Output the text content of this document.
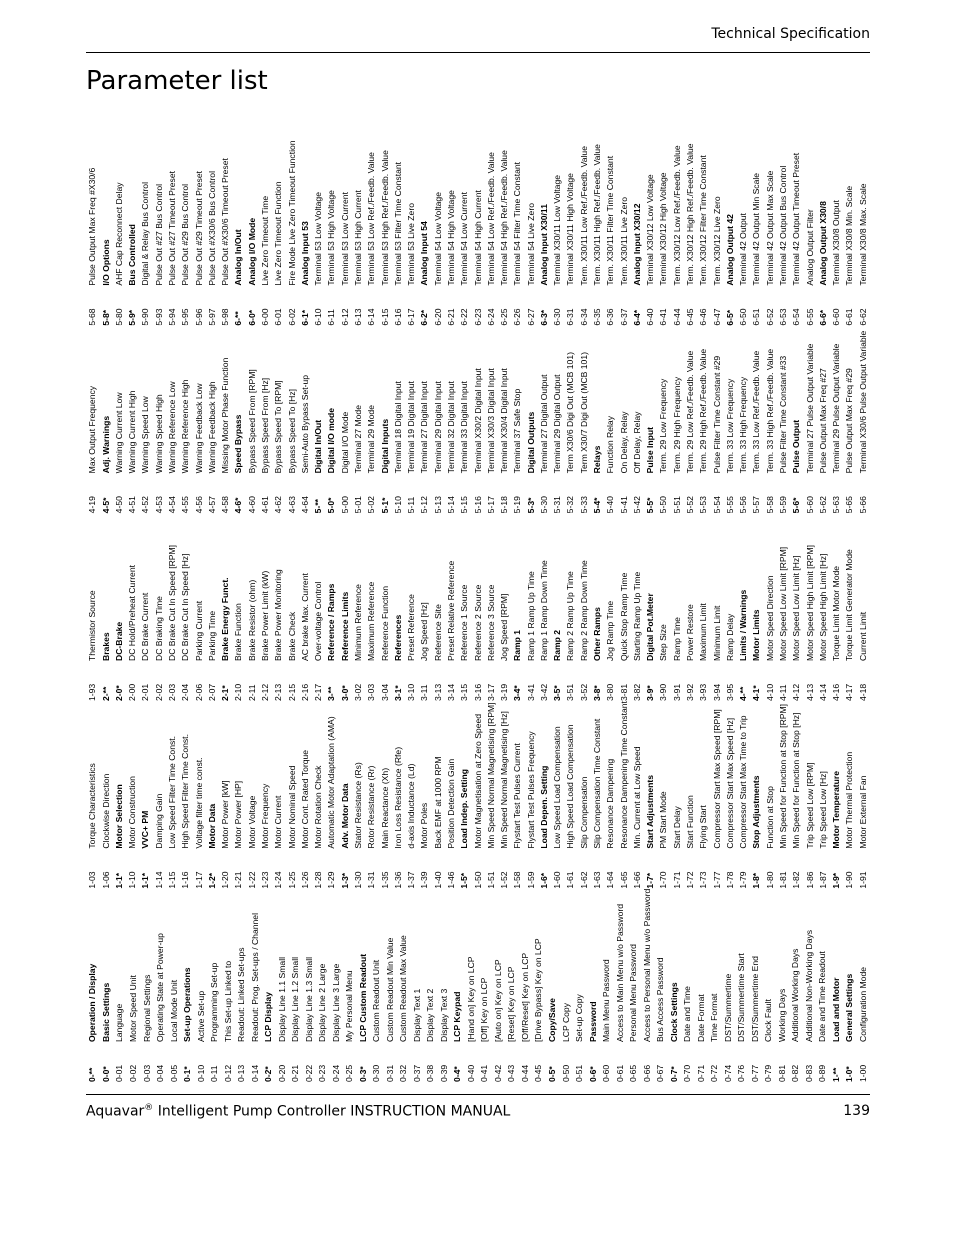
Technical Specification
Parameter list
0-**
Operation / Display
0-0*
Basic Settings
0-01
Language
0-02
Motor Speed Unit
0-03
Regional Settings
0-04
Operating State at Power-up
0-05
Local Mode Unit
0-1*
Set-up Operations
0-10
Active Set-up
0-11
Programming Set-up
0-12
This Set-up Linked to
0-13
Readout: Linked Set-ups
0-14
Readout: Prog. Set-ups / Channel
0-2*
LCP Display
0-20
Display Line 1.1 Small
0-21
Display Line 1.2 Small
0-22
Display Line 1.3 Small
0-23
Display Line 2 Large
0-24
Display Line 3 Large
0-25
My Personal Menu
0-3*
LCP Custom Readout
0-30
Custom Readout Unit
0-31
Custom Readout Min Value
0-32
Custom Readout Max Value
0-37
Display Text 1
0-38
Display Text 2
0-39
Display Text 3
0-4*
LCP Keypad
0-40
[Hand on] Key on LCP
0-41
[Off] Key on LCP
0-42
[Auto on] Key on LCP
0-43
[Reset] Key on LCP
0-44
[Off/Reset] Key on LCP
0-45
[Drive Bypass] Key on LCP
0-5*
Copy/Save
0-50
LCP Copy
0-51
Set-up Copy
0-6*
Password
0-60
Main Menu Password
0-61
Access to Main Menu w/o Password
0-65
Personal Menu Password
0-66
Access to Personal Menu w/o Password
0-67
Bus Access Password
0-7*
Clock Settings
0-70
Date and Time
0-71
Date Format
0-72
Time Format
0-74
DST/Summertime
0-76
DST/Summertime Start
0-77
DST/Summertime End
0-79
Clock Fault
0-81
Working Days
0-82
Additional Working Days
0-83
Additional Non-Working Days
0-89
Date and Time Readout
1-**
Load and Motor
1-0*
General Settings
1-00
Configuration Mode
1-03
Torque Characteristics
1-06
Clockwise Direction
1-1*
Motor Selection
1-10
Motor Construction
1-1*
VVC+ PM
1-14
Damping Gain
1-15
Low Speed Filter Time Const.
1-16
High Speed Filter Time Const.
1-17
Voltage filter time const.
1-2*
Motor Data
1-20
Motor Power [kW]
1-21
Motor Power [HP]
1-22
Motor Voltage
1-23
Motor Frequency
1-24
Motor Current
1-25
Motor Nominal Speed
1-26
Motor Cont. Rated Torque
1-28
Motor Rotation Check
1-29
Automatic Motor Adaptation (AMA)
1-3*
Adv. Motor Data
1-30
Stator Resistance (Rs)
1-31
Rotor Resistance (Rr)
1-35
Main Reactance (Xh)
1-36
Iron Loss Resistance (Rfe)
1-37
d-axis Inductance (Ld)
1-39
Motor Poles
1-40
Back EMF at 1000 RPM
1-46
Position Detection Gain
1-5*
Load Indep. Setting
1-50
Motor Magnetisation at Zero Speed
1-51
Min Speed Normal Magnetising [RPM]
1-52
Min Speed Normal Magnetising [Hz]
1-58
Flystart Test Pulses Current
1-59
Flystart Test Pulses Frequency
1-6*
Load Depen. Setting
1-60
Low Speed Load Compensation
1-61
High Speed Load Compensation
1-62
Slip Compensation
1-63
Slip Compensation Time Constant
1-64
Resonance Dampening
1-65
Resonance Dampening Time Constant
1-66
Min. Current at Low Speed
1-7*
Start Adjustments
1-70
PM Start Mode
1-71
Start Delay
1-72
Start Function
1-73
Flying Start
1-77
Compressor Start Max Speed [RPM]
1-78
Compressor Start Max Speed [Hz]
1-79
Compressor Start Max Time to Trip
1-8*
Stop Adjustments
1-80
Function at Stop
1-81
Min Speed for Function at Stop [RPM]
1-82
Min Speed for Function at Stop [Hz]
1-86
Trip Speed Low [RPM]
1-87
Trip Speed Low [Hz]
1-9*
Motor Temperature
1-90
Motor Thermal Protection
1-91
Motor External Fan
1-93
Thermistor Source
2-**
Brakes
2-0*
DC-Brake
2-00
DC Hold/Preheat Current
2-01
DC Brake Current
2-02
DC Braking Time
2-03
DC Brake Cut In Speed [RPM]
2-04
DC Brake Cut In Speed [Hz]
2-06
Parking Current
2-07
Parking Time
2-1*
Brake Energy Funct.
2-10
Brake Function
2-11
Brake Resistor (ohm)
2-12
Brake Power Limit (kW)
2-13
Brake Power Monitoring
2-15
Brake Check
2-16
AC brake Max. Current
2-17
Over-voltage Control
3-**
Reference / Ramps
3-0*
Reference Limits
3-02
Minimum Reference
3-03
Maximum Reference
3-04
Reference Function
3-1*
References
3-10
Preset Reference
3-11
Jog Speed [Hz]
3-13
Reference Site
3-14
Preset Relative Reference
3-15
Reference 1 Source
3-16
Reference 2 Source
3-17
Reference 3 Source
3-19
Jog Speed [RPM]
3-4*
Ramp 1
3-41
Ramp 1 Ramp Up Time
3-42
Ramp 1 Ramp Down Time
3-5*
Ramp 2
3-51
Ramp 2 Ramp Up Time
3-52
Ramp 2 Ramp Down Time
3-8*
Other Ramps
3-80
Jog Ramp Time
3-81
Quick Stop Ramp Time
3-82
Starting Ramp Up Time
3-9*
Digital Pot.Meter
3-90
Step Size
3-91
Ramp Time
3-92
Power Restore
3-93
Maximum Limit
3-94
Minimum Limit
3-95
Ramp Delay
4-**
Limits / Warnings
4-1*
Motor Limits
4-10
Motor Speed Direction
4-11
Motor Speed Low Limit [RPM]
4-12
Motor Speed Low Limit [Hz]
4-13
Motor Speed High Limit [RPM]
4-14
Motor Speed High Limit [Hz]
4-16
Torque Limit Motor Mode
4-17
Torque Limit Generator Mode
4-18
Current Limit
4-19
Max Output Frequency
4-5*
Adj. Warnings
4-50
Warning Current Low
4-51
Warning Current High
4-52
Warning Speed Low
4-53
Warning Speed High
4-54
Warning Reference Low
4-55
Warning Reference High
4-56
Warning Feedback Low
4-57
Warning Feedback High
4-58
Missing Motor Phase Function
4-6*
Speed Bypass
4-60
Bypass Speed From [RPM]
4-61
Bypass Speed From [Hz]
4-62
Bypass Speed To [RPM]
4-63
Bypass Speed To [Hz]
4-64
Semi-Auto Bypass Set-up
5-**
Digital In/Out
5-0*
Digital I/O mode
5-00
Digital I/O Mode
5-01
Terminal 27 Mode
5-02
Terminal 29 Mode
5-1*
Digital Inputs
5-10
Terminal 18 Digital Input
5-11
Terminal 19 Digital Input
5-12
Terminal 27 Digital Input
5-13
Terminal 29 Digital Input
5-14
Terminal 32 Digital Input
5-15
Terminal 33 Digital Input
5-16
Terminal X30/2 Digital Input
5-17
Terminal X30/3 Digital Input
5-18
Terminal X30/4 Digital Input
5-19
Terminal 37 Safe Stop
5-3*
Digital Outputs
5-30
Terminal 27 Digital Output
5-31
Terminal 29 Digital Output
5-32
Term X30/6 Digi Out (MCB 101)
5-33
Term X30/7 Digi Out (MCB 101)
5-4*
Relays
5-40
Function Relay
5-41
On Delay, Relay
5-42
Off Delay, Relay
5-5*
Pulse Input
5-50
Term. 29 Low Frequency
5-51
Term. 29 High Frequency
5-52
Term. 29 Low Ref./Feedb. Value
5-53
Term. 29 High Ref./Feedb. Value
5-54
Pulse Filter Time Constant #29
5-55
Term. 33 Low Frequency
5-56
Term. 33 High Frequency
5-57
Term. 33 Low Ref./Feedb. Value
5-58
Term. 33 High Ref./Feedb. Value
5-59
Pulse Filter Time Constant #33
5-6*
Pulse Output
5-60
Terminal 27 Pulse Output Variable
5-62
Pulse Output Max Freq #27
5-63
Terminal 29 Pulse Output Variable
5-65
Pulse Output Max Freq #29
5-66
Terminal X30/6 Pulse Output Variable
5-68
Pulse Output Max Freq #X30/6
5-8*
I/O Options
5-80
AHF Cap Reconnect Delay
5-9*
Bus Controlled
5-90
Digital & Relay Bus Control
5-93
Pulse Out #27 Bus Control
5-94
Pulse Out #27 Timeout Preset
5-95
Pulse Out #29 Bus Control
5-96
Pulse Out #29 Timeout Preset
5-97
Pulse Out #X30/6 Bus Control
5-98
Pulse Out #X30/6 Timeout Preset
6-**
Analog In/Out
6-0*
Analog I/O Mode
6-00
Live Zero Timeout Time
6-01
Live Zero Timeout Function
6-02
Fire Mode Live Zero Timeout Function
6-1*
Analog Input 53
6-10
Terminal 53 Low Voltage
6-11
Terminal 53 High Voltage
6-12
Terminal 53 Low Current
6-13
Terminal 53 High Current
6-14
Terminal 53 Low Ref./Feedb. Value
6-15
Terminal 53 High Ref./Feedb. Value
6-16
Terminal 53 Filter Time Constant
6-17
Terminal 53 Live Zero
6-2*
Analog Input 54
6-20
Terminal 54 Low Voltage
6-21
Terminal 54 High Voltage
6-22
Terminal 54 Low Current
6-23
Terminal 54 High Current
6-24
Terminal 54 Low Ref./Feedb. Value
6-25
Terminal 54 High Ref./Feedb. Value
6-26
Terminal 54 Filter Time Constant
6-27
Terminal 54 Live Zero
6-3*
Analog Input X30/11
6-30
Terminal X30/11 Low Voltage
6-31
Terminal X30/11 High Voltage
6-34
Term. X30/11 Low Ref./Feedb. Value
6-35
Term. X30/11 High Ref./Feedb. Value
6-36
Term. X30/11 Filter Time Constant
6-37
Term. X30/11 Live Zero
6-4*
Analog Input X30/12
6-40
Terminal X30/12 Low Voltage
6-41
Terminal X30/12 High Voltage
6-44
Term. X30/12 Low Ref./Feedb. Value
6-45
Term. X30/12 High Ref./Feedb. Value
6-46
Term. X30/12 Filter Time Constant
6-47
Term. X30/12 Live Zero
6-5*
Analog Output 42
6-50
Terminal 42 Output
6-51
Terminal 42 Output Min Scale
6-52
Terminal 42 Output Max Scale
6-53
Terminal 42 Output Bus Control
6-54
Terminal 42 Output Timeout Preset
6-55
Analog Output Filter
6-6*
Analog Output X30/8
6-60
Terminal X30/8 Output
6-61
Terminal X30/8 Min. Scale
6-62
Terminal X30/8 Max. Scale
Aquavar® Intelligent Pump Controller INSTRUCTION MANUAL	139
